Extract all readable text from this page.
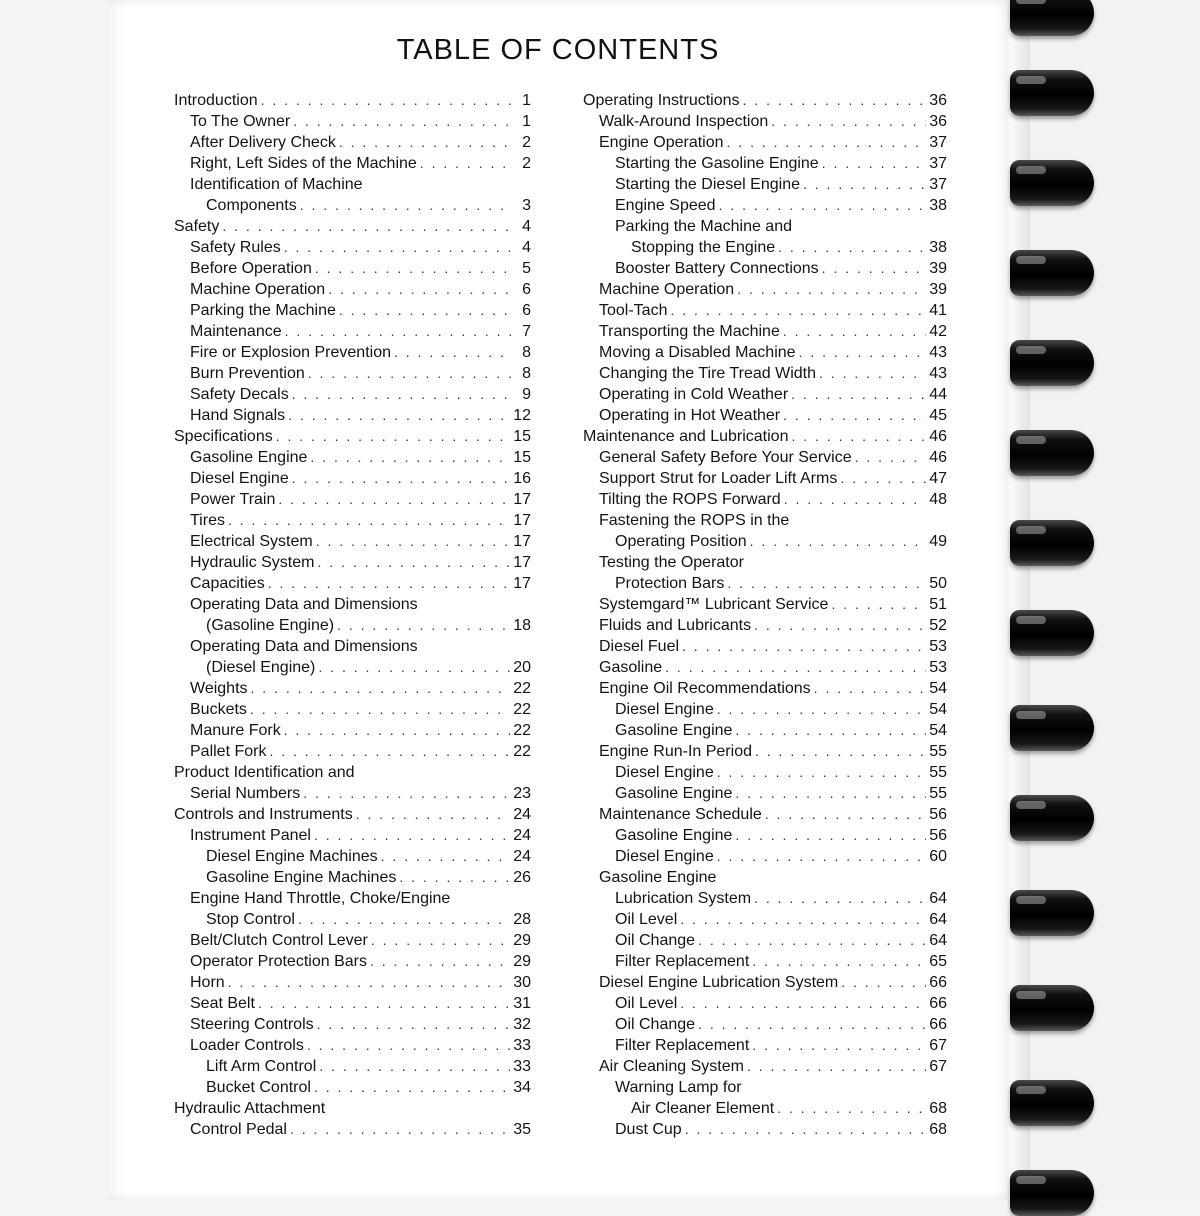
TABLE OF CONTENTS
Introduction . . .	1
To The Owner . . .	1
After Delivery Check . . .	2
Right, Left Sides of the Machine . . .	2
Identification of Machine
Components . . .	3
Safety . . .	4
Safety Rules . . .	4
Before Operation . . .	5
Machine Operation . . .	6
Parking the Machine . . .	6
Maintenance . . .	7
Fire or Explosion Prevention . . .	8
Burn Prevention . . .	8
Safety Decals . . .	9
Hand Signals . . .	12
Specifications . . .	15
Gasoline Engine . . .	15
Diesel Engine . . .	16
Power Train . . .	17
Tires . . .	17
Electrical System . . .	17
Hydraulic System . . .	17
Capacities . . .	17
Operating Data and Dimensions
(Gasoline Engine) . . .	18
Operating Data and Dimensions
(Diesel Engine) . . .	20
Weights . . .	22
Buckets . . .	22
Manure Fork . . .	22
Pallet Fork . . .	22
Product Identification and
Serial Numbers . . .	23
Controls and Instruments . . .	24
Instrument Panel . . .	24
Diesel Engine Machines . . .	24
Gasoline Engine Machines . . .	26
Engine Hand Throttle, Choke/Engine
Stop Control . . .	28
Belt/Clutch Control Lever . . .	29
Operator Protection Bars . . .	29
Horn . . .	30
Seat Belt . . .	31
Steering Controls . . .	32
Loader Controls . . .	33
Lift Arm Control . . .	33
Bucket Control . . .	34
Hydraulic Attachment
Control Pedal . . .	35
Operating Instructions . . .	36
Walk-Around Inspection . . .	36
Engine Operation . . .	37
Starting the Gasoline Engine . . .	37
Starting the Diesel Engine . . .	37
Engine Speed . . .	38
Parking the Machine and
Stopping the Engine . . .	38
Booster Battery Connections . . .	39
Machine Operation . . .	39
Tool-Tach . . .	41
Transporting the Machine . . .	42
Moving a Disabled Machine . . .	43
Changing the Tire Tread Width . . .	43
Operating in Cold Weather . . .	44
Operating in Hot Weather . . .	45
Maintenance and Lubrication . . .	46
General Safety Before Your Service . . .	46
Support Strut for Loader Lift Arms . . .	47
Tilting the ROPS Forward . . .	48
Fastening the ROPS in the
Operating Position . . .	49
Testing the Operator
Protection Bars . . .	50
Systemgard™ Lubricant Service . . .	51
Fluids and Lubricants . . .	52
Diesel Fuel . . .	53
Gasoline . . .	53
Engine Oil Recommendations . . .	54
Diesel Engine . . .	54
Gasoline Engine . . .	54
Engine Run-In Period . . .	55
Diesel Engine . . .	55
Gasoline Engine . . .	55
Maintenance Schedule . . .	56
Gasoline Engine . . .	56
Diesel Engine . . .	60
Gasoline Engine
Lubrication System . . .	64
Oil Level . . .	64
Oil Change . . .	64
Filter Replacement . . .	65
Diesel Engine Lubrication System . . .	66
Oil Level . . .	66
Oil Change . . .	66
Filter Replacement . . .	67
Air Cleaning System . . .	67
Warning Lamp for
Air Cleaner Element . . .	68
Dust Cup . . .	68
